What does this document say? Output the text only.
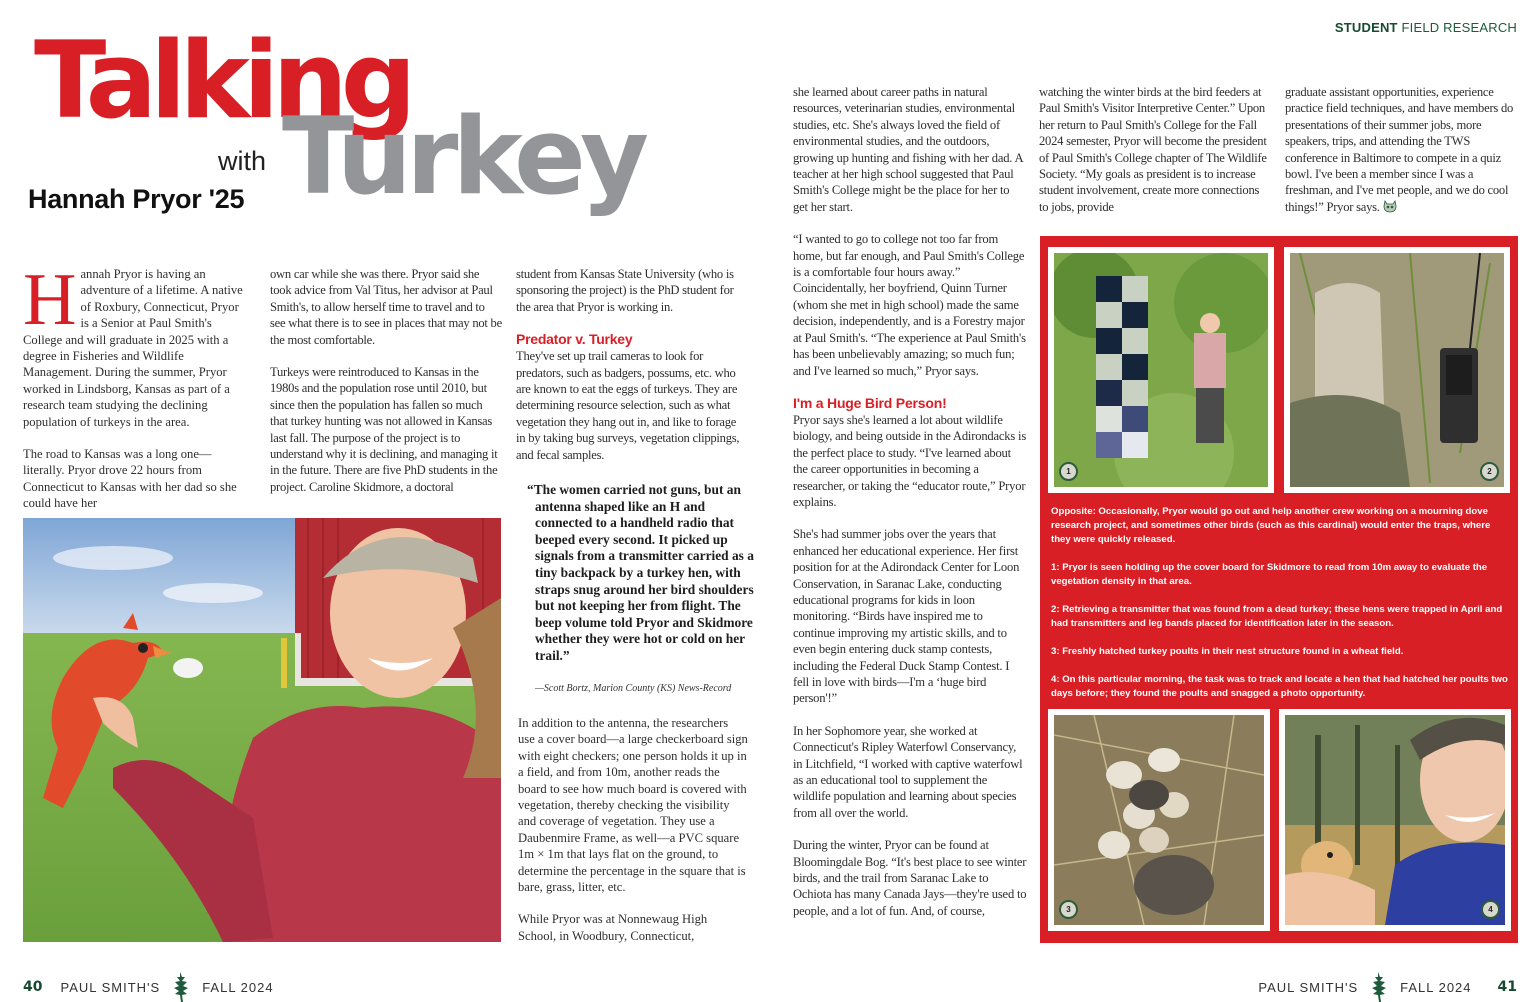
STUDENT FIELD RESEARCH
Talking
Turkey
with
Hannah Pryor '25

Hannah Pryor is having an adventure of a lifetime. A native of Roxbury, Connecticut, Pryor is a Senior at Paul Smith's College and will graduate in 2025 with a degree in Fisheries and Wildlife Management. During the summer, Pryor worked in Lindsborg, Kansas as part of a research team studying the declining population of turkeys in the area.

The road to Kansas was a long one—literally. Pryor drove 22 hours from Connecticut to Kansas with her dad so she could have her

own car while she was there. Pryor said she took advice from Val Titus, her advisor at Paul Smith's, to allow herself time to travel and to see what there is to see in places that may not be the most comfortable.

Turkeys were reintroduced to Kansas in the 1980s and the population rose until 2010, but since then the population has fallen so much that turkey hunting was not allowed in Kansas last fall. The purpose of the project is to understand why it is declining, and managing it in the future. There are five PhD students in the project. Caroline Skidmore, a doctoral

student from Kansas State University (who is sponsoring the project) is the PhD student for the area that Pryor is working in.

Predator v. Turkey

They've set up trail cameras to look for predators, such as badgers, possums, etc. who are known to eat the eggs of turkeys. They are determining resource selection, such as what vegetation they hang out in, and like to forage in by taking bug surveys, vegetation clippings, and fecal samples.

“The women carried not guns, but an antenna shaped like an H and connected to a handheld radio that beeped every second. It picked up signals from a transmitter carried as a tiny backpack by a turkey hen, with straps snug around her bird shoulders but not keeping her from flight. The beep volume told Pryor and Skidmore whether they were hot or cold on her trail.”
—Scott Bortz, Marion County (KS) News-Record

In addition to the antenna, the researchers use a cover board—a large checkerboard sign with eight checkers; one person holds it up in a field, and from 10m, another reads the board to see how much board is covered with vegetation, thereby checking the visibility and coverage of vegetation. They use a Daubenmire Frame, as well—a PVC square 1m × 1m that lays flat on the ground, to determine the percentage in the square that is bare, grass, litter, etc.

While Pryor was at Nonnewaug High School, in Woodbury, Connecticut,

she learned about career paths in natural resources, veterinarian studies, environmental studies, etc. She's always loved the field of environmental studies, and the outdoors, growing up hunting and fishing with her dad. A teacher at her high school suggested that Paul Smith's College might be the place for her to get her start.

“I wanted to go to college not too far from home, but far enough, and Paul Smith's College is a comfortable four hours away.” Coincidentally, her boyfriend, Quinn Turner (whom she met in high school) made the same decision, independently, and is a Forestry major at Paul Smith's. “The experience at Paul Smith's has been unbelievably amazing; so much fun; and I've learned so much,” Pryor says.

I'm a Huge Bird Person!

Pryor says she's learned a lot about wildlife biology, and being outside in the Adirondacks is the perfect place to study. “I've learned about the career opportunities in becoming a researcher, or taking the “educator route,” Pryor explains.

She's had summer jobs over the years that enhanced her educational experience. Her first position for at the Adirondack Center for Loon Conservation, in Saranac Lake, conducting educational programs for kids in loon monitoring. “Birds have inspired me to continue improving my artistic skills, and to even begin entering duck stamp contests, including the Federal Duck Stamp Contest. I fell in love with birds—I'm a ‘huge bird person'!”

In her Sophomore year, she worked at Connecticut's Ripley Waterfowl Conservancy, in Litchfield, “I worked with captive waterfowl as an educational tool to supplement the wildlife population and learning about species from all over the world.

During the winter, Pryor can be found at Bloomingdale Bog. “It's best place to see winter birds, and the trail from Saranac Lake to Ochiota has many Canada Jays—they're used to people, and a lot of fun. And, of course,

watching the winter birds at the bird feeders at Paul Smith's Visitor Interpretive Center.” Upon her return to Paul Smith's College for the Fall 2024 semester, Pryor will become the president of Paul Smith's College chapter of The Wildlife Society. “My goals as president is to increase student involvement, create more connections to jobs, provide

graduate assistant opportunities, experience practice field techniques, and have members do presentations of their summer jobs, more speakers, trips, and attending the TWS conference in Baltimore to compete in a quiz bowl. I've been a member since I was a freshman, and I've met people, and we do cool things!” Pryor says.

1	2

Opposite: Occasionally, Pryor would go out and help another crew working on a mourning dove research project, and sometimes other birds (such as this cardinal) would enter the traps, where they were quickly released.

1: Pryor is seen holding up the cover board for Skidmore to read from 10m away to evaluate the vegetation density in that area.

2: Retrieving a transmitter that was found from a dead turkey; these hens were trapped in April and had transmitters and leg bands placed for identification later in the season.

3: Freshly hatched turkey poults in their nest structure found in a wheat field.

4: On this particular morning, the task was to track and locate a hen that had hatched her poults two days before; they found the poults and snagged a photo opportunity.

3	4
40 PAUL SMITH'S	FALL 2024	PAUL SMITH'S	FALL 2024 41
